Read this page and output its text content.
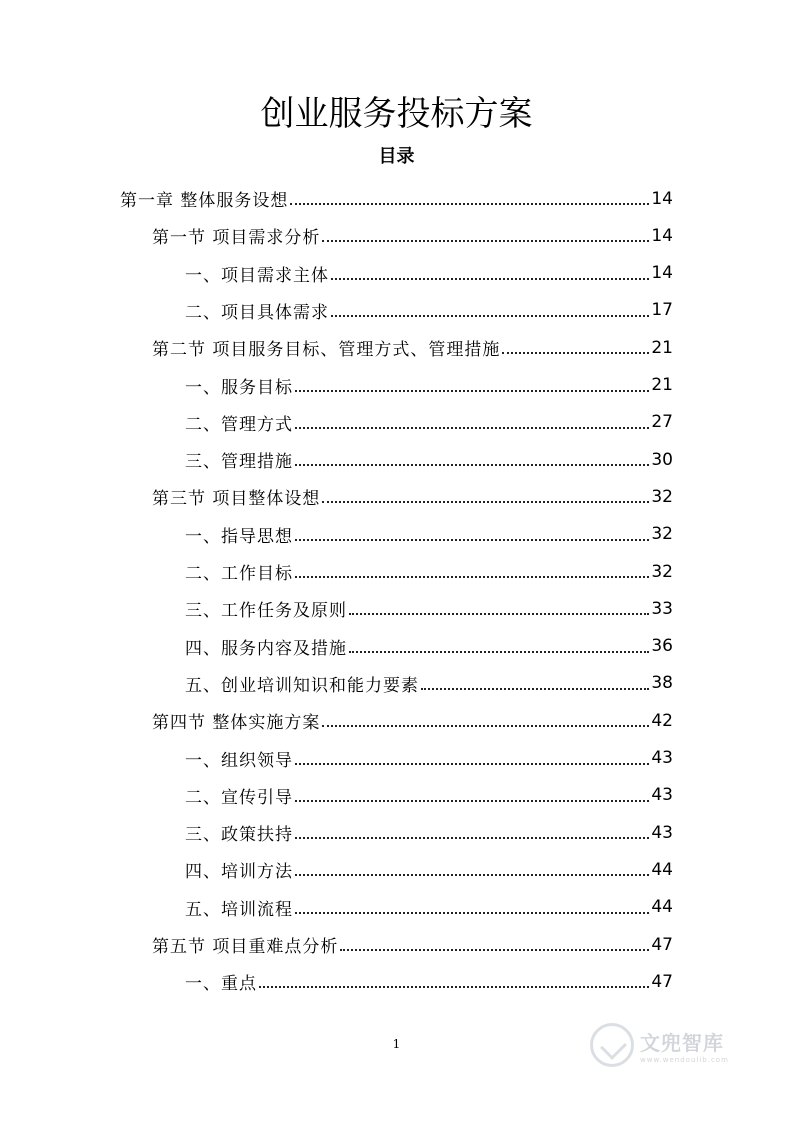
创业服务投标方案
目录
第一章 整体服务设想	14
第一节 项目需求分析	14
一、项目需求主体	14
二、项目具体需求	17
第二节 项目服务目标、管理方式、管理措施	21
一、服务目标	21
二、管理方式	27
三、管理措施	30
第三节 项目整体设想	32
一、指导思想	32
二、工作目标	32
三、工作任务及原则	33
四、服务内容及措施	36
五、创业培训知识和能力要素	38
第四节 整体实施方案	42
一、组织领导	43
二、宣传引导	43
三、政策扶持	43
四、培训方法	44
五、培训流程	44
第五节 项目重难点分析	47
一、重点	47
1	文兜智库
www.wendoulib.com
